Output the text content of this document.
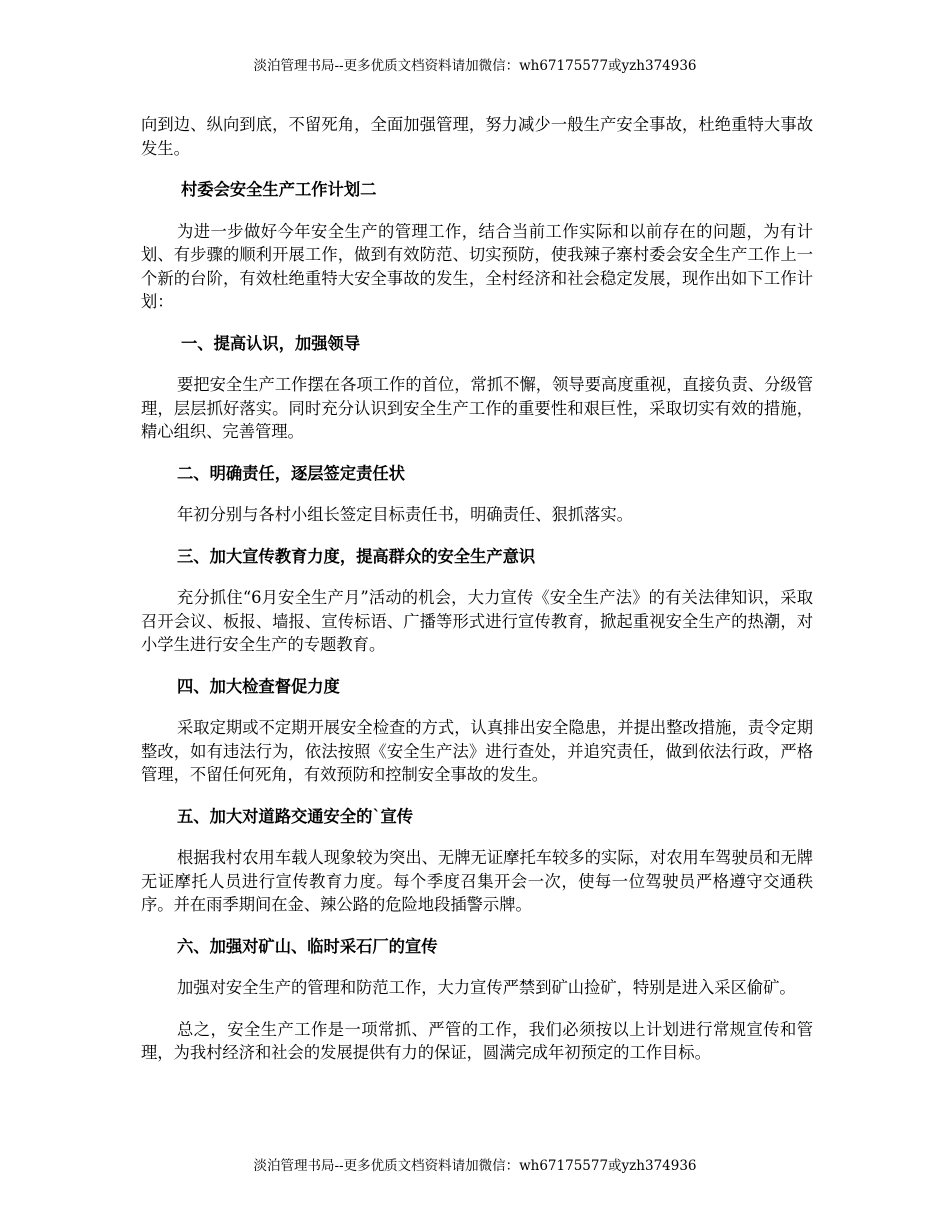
淡泊管理书局--更多优质文档资料请加微信：wh67175577或yzh374936

向到边、纵向到底，不留死角，全面加强管理，努力减少一般生产安全事故，杜绝重特大事故发生。

村委会安全生产工作计划二

为进一步做好今年安全生产的管理工作，结合当前工作实际和以前存在的问题，为有计划、有步骤的顺利开展工作，做到有效防范、切实预防，使我辣子寨村委会安全生产工作上一个新的台阶，有效杜绝重特大安全事故的发生，全村经济和社会稳定发展，现作出如下工作计划：

一、提高认识，加强领导

要把安全生产工作摆在各项工作的首位，常抓不懈，领导要高度重视，直接负责、分级管理，层层抓好落实。同时充分认识到安全生产工作的重要性和艰巨性，采取切实有效的措施，精心组织、完善管理。

二、明确责任，逐层签定责任状

年初分别与各村小组长签定目标责任书，明确责任、狠抓落实。

三、加大宣传教育力度，提高群众的安全生产意识

充分抓住“6月安全生产月”活动的机会，大力宣传《安全生产法》的有关法律知识，采取召开会议、板报、墙报、宣传标语、广播等形式进行宣传教育，掀起重视安全生产的热潮，对小学生进行安全生产的专题教育。

四、加大检查督促力度

采取定期或不定期开展安全检查的方式，认真排出安全隐患，并提出整改措施，责令定期整改，如有违法行为，依法按照《安全生产法》进行查处，并追究责任，做到依法行政，严格管理，不留任何死角，有效预防和控制安全事故的发生。

五、加大对道路交通安全的`宣传

根据我村农用车载人现象较为突出、无牌无证摩托车较多的实际，对农用车驾驶员和无牌无证摩托人员进行宣传教育力度。每个季度召集开会一次，使每一位驾驶员严格遵守交通秩序。并在雨季期间在金、辣公路的危险地段插警示牌。

六、加强对矿山、临时采石厂的宣传

加强对安全生产的管理和防范工作，大力宣传严禁到矿山捡矿，特别是进入采区偷矿。

总之，安全生产工作是一项常抓、严管的工作，我们必须按以上计划进行常规宣传和管理，为我村经济和社会的发展提供有力的保证，圆满完成年初预定的工作目标。

淡泊管理书局--更多优质文档资料请加微信：wh67175577或yzh374936
